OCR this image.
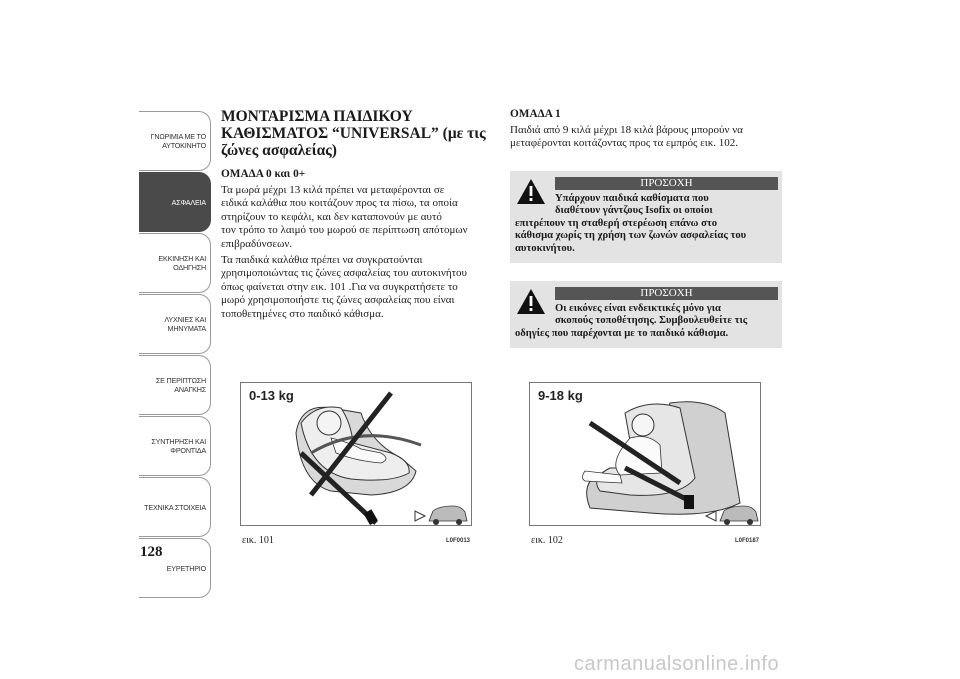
ΓΝΩΡΙΜΙΑ ΜΕ ΤΟ
ΑΥΤΟΚΙΝΗΤΟ
ΑΣΦΑΛΕΙΑ
ΕΚΚΙΝΗΣΗ ΚΑΙ
ΟΔΗΓΗΣΗ
ΛΥΧΝΙΕΣ ΚΑΙ
ΜΗΝΥΜΑΤΑ
ΣΕ ΠΕΡΙΠΤΩΣΗ
ΑΝΑΓΚΗΣ
ΣΥΝΤΗΡΗΣΗ ΚΑΙ
ΦΡΟΝΤΙΔΑ
ΤΕΧΝΙΚΑ ΣΤΟΙΧΕΙΑ
ΕΥΡΕΤΗΡΙΟ
128
ΜΟΝΤΑΡΙΣΜΑ ΠΑΙΔΙΚΟΥ
ΚΑΘΙΣΜΑΤΟΣ “UNIVERSAL” (με τις
ζώνες ασφαλείας)
ΟΜΑΔΑ 0 και 0+
Τα μωρά μέχρι 13 κιλά πρέπει να μεταφέρονται σε
ειδικά καλάθια που κοιτάζουν προς τα πίσω, τα οποία
στηρίζουν το κεφάλι, και δεν καταπονούν με αυτό
τον τρόπο το λαιμό του μωρού σε περίπτωση απότομων
επιβραδύνσεων.
Τα παιδικά καλάθια πρέπει να συγκρατούνται
χρησιμοποιώντας τις ζώνες ασφαλείας του αυτοκινήτου
όπως φαίνεται στην εικ. 101 .Για να συγκρατήσετε το
μωρό χρησιμοποιήστε τις ζώνες ασφαλείας που είναι
τοποθετημένες στο παιδικό κάθισμα.
ΟΜΑΔΑ 1
Παιδιά από 9 κιλά μέχρι 18 κιλά βάρους μπορούν να
μεταφέρονται κοιτάζοντας προς τα εμπρός εικ. 102.
ΠΡΟΣΟΧΗ
Υπάρχουν παιδικά καθίσματα που
διαθέτουν γάντζους Isofix οι οποίοι
επιτρέπουν τη σταθερή στερέωση επάνω στο
κάθισμα χωρίς τη χρήση των ζωνών ασφαλείας του
αυτοκινήτου.
ΠΡΟΣΟΧΗ
Οι εικόνες είναι ενδεικτικές μόνο για
σκοπούς τοποθέτησης. Συμβουλευθείτε τις
οδηγίες που παρέχονται με το παιδικό κάθισμα.
0-13 kg
εικ. 101	L0F0013
9-18 kg
εικ. 102	L0F0187
carmanualsonline.info
